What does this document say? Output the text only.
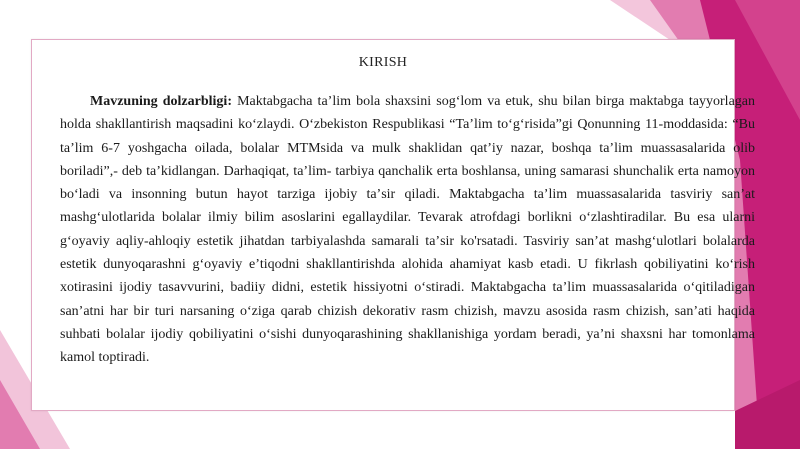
KIRISH

Mavzuning dolzarbligi: Maktabgacha taʼlim bola shaxsini sogʻlom va etuk, shu bilan birga maktabga tayyorlagan holda shakllantirish maqsadini koʻzlaydi. Oʻzbekiston Respublikasi “Taʼlim toʻgʻrisida”gi Qonunning 11-moddasida: “Bu taʼlim 6-7 yoshgacha oilada, bolalar MTMsida va mulk shaklidan qatʼiy nazar, boshqa taʼlim muassasalarida olib boriladi”,- deb taʼkidlangan. Darhaqiqat, taʼlim- tarbiya qanchalik erta boshlansa, uning samarasi shunchalik erta namoyon boʻladi va insonning butun hayot tarziga ijobiy taʼsir qiladi. Maktabgacha taʼlim muassasalarida tasviriy sanʼat mashgʻulotlarida bolalar ilmiy bilim asoslarini egallaydilar. Tevarak atrofdagi borlikni oʻzlashtiradilar. Bu esa ularni gʻoyaviy aqliy-ahloqiy estetik jihatdan tarbiyalashda samarali taʼsir ko'rsatadi. Tasviriy sanʼat mashgʻulotlari bolalarda estetik dunyoqarashni gʻoyaviy eʼtiqodni shakllantirishda alohida ahamiyat kasb etadi. U fikrlash qobiliyatini koʻrish xotirasini ijodiy tasavvurini, badiiy didni, estetik hissiyotni oʻstiradi. Maktabgacha taʼlim muassasalarida oʻqitiladigan sanʼatni har bir turi narsaning oʻziga qarab chizish dekorativ rasm chizish, mavzu asosida rasm chizish, sanʼati haqida suhbati bolalar ijodiy qobiliyatini oʻsishi dunyoqarashining shakllanishiga yordam beradi, yaʼni shaxsni har tomonlama kamol toptiradi.
